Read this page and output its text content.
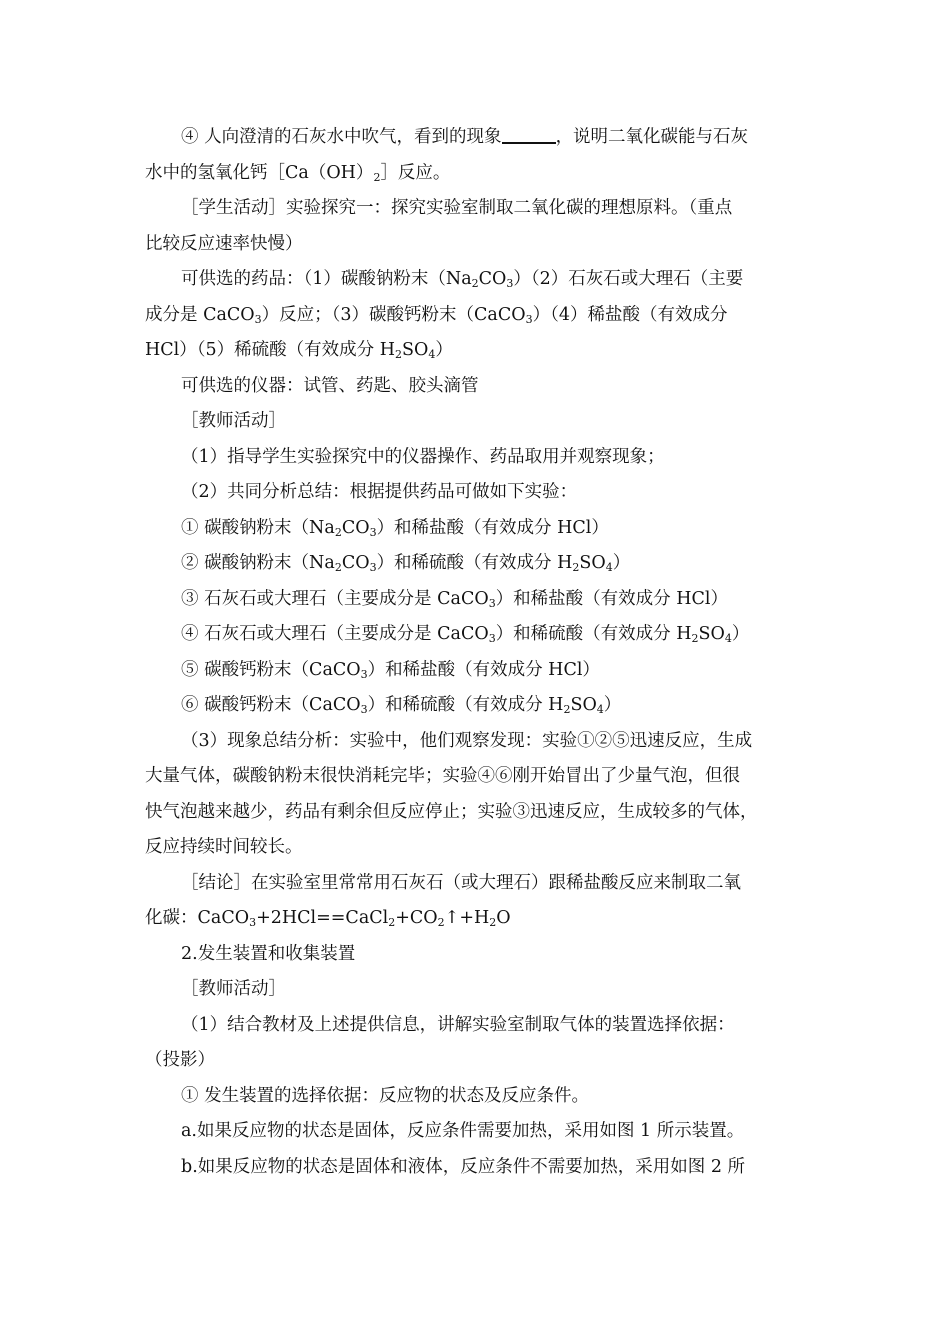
④ 人向澄清的石灰水中吹气，看到的现象	，说明二氧化碳能与石灰

水中的氢氧化钙$[Ca(OH)_2]$反应。

［学生活动］实验探究一：探究实验室制取二氧化碳的理想原料。（重点

比较反应速率快慢）

可供选的药品：（1）碳酸钠粉末$(Na_2CO_3)(2)$石灰石或大理石（主要

成分是 CaCO$_3$）反应；（3）碳酸钙粉末（CaCO$_3$）（4）稀盐酸（有效成分

HCl）（5）稀硫酸（有效成分 $H_2SO_4$）

可供选的仪器：试管、药匙、胶头滴管

［教师活动］

（1）指导学生实验探究中的仪器操作、药品取用并观察现象；

（2）共同分析总结：根据提供药品可做如下实验：

① 碳酸钠粉末$(Na_2CO_3)$和稀盐酸（有效成分 HCl）

② 碳酸钠粉末$(Na_2CO_3)$和稀硫酸（有效成分 $H_2SO_4$）

③ 石灰石或大理石（主要成分是 CaCO$_3$）和稀盐酸（有效成分 HCl）

④ 石灰石或大理石（主要成分是 CaCO$_3$）和稀硫酸（有效成分 $H_2SO_4$）

⑤ 碳酸钙粉末（CaCO$_3$）和稀盐酸（有效成分 HCl）

⑥ 碳酸钙粉末（CaCO$_3$）和稀硫酸（有效成分 $H_2SO_4$）

（3）现象总结分析：实验中，他们观察发现：实验①②⑤迅速反应，生成

大量气体，碳酸钠粉末很快消耗完毕；实验④⑥刚开始冒出了少量气泡，但很

快气泡越来越少，药品有剩余但反应停止；实验③迅速反应，生成较多的气体，

反应持续时间较长。

［结论］在实验室里常常用石灰石（或大理石）跟稀盐酸反应来制取二氧

化碳：$CaCO_3+2HCl==CaCl_2+CO_2↑+H_2O$

2.发生装置和收集装置

［教师活动］

（1）结合教材及上述提供信息，讲解实验室制取气体的装置选择依据：

（投影）

① 发生装置的选择依据：反应物的状态及反应条件。

a.如果反应物的状态是固体，反应条件需要加热，采用如图 1 所示装置。

b.如果反应物的状态是固体和液体，反应条件不需要加热，采用如图 2 所
